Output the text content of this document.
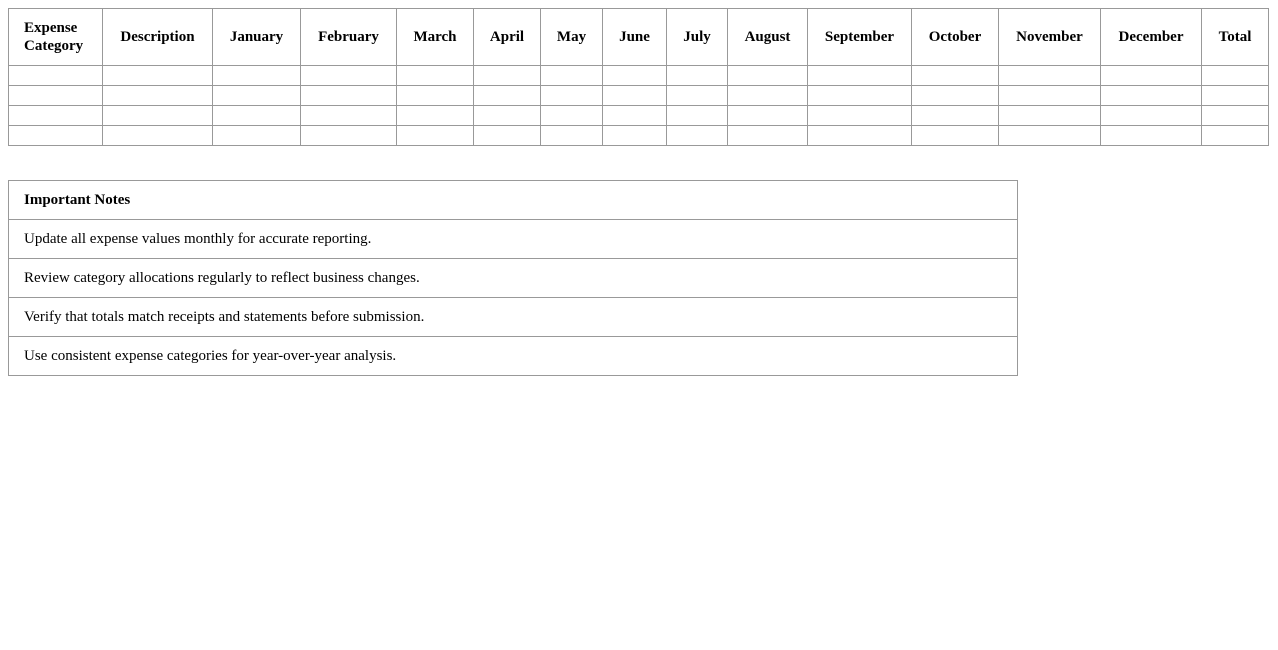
Expense Category	Description	January	February	March	April	May	June	July	August	September	October	November	December	Total

Important Notes
Update all expense values monthly for accurate reporting.
Review category allocations regularly to reflect business changes.
Verify that totals match receipts and statements before submission.
Use consistent expense categories for year-over-year analysis.
